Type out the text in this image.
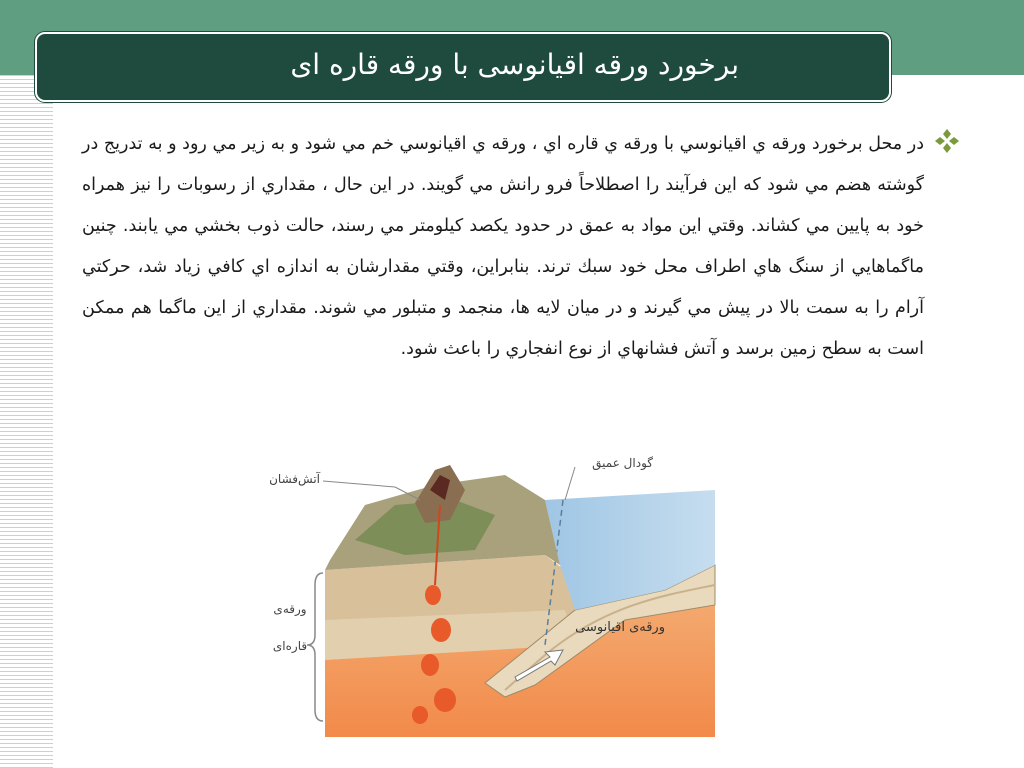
برخورد ورقه اقیانوسی با ورقه قاره ای
در محل برخورد ورقه ي اقيانوسي با ورقه ي قاره اي ، ورقه ي اقيانوسي خم مي شود و به زير مي رود و به تدريج در گوشته هضم مي شود که اين فرآيند را اصطلاحاً فرو رانش مي گويند. در اين حال ، مقداري از رسوبات را نيز همراه خود به پايين مي کشاند. وقتي اين مواد به عمق در حدود يکصد کيلومتر مي رسند، حالت ذوب بخشي مي يابند. چنين ماگماهايي از سنگ هاي اطراف محل خود سبك ترند. بنابراين، وقتي مقدارشان به اندازه اي کافي زياد شد، حرکتي آرام را به سمت بالا در پيش مي گيرند و در ميان لايه ها، منجمد و متبلور مي شوند. مقداري از اين ماگما هم ممکن است به سطح زمين برسد و آتش فشانهاي از نوع انفجاري را باعث شود.
آتش‌فشان
گودال عمیق
ورقه‌ی
قاره‌ای
ورقه‌ی اقیانوسی
